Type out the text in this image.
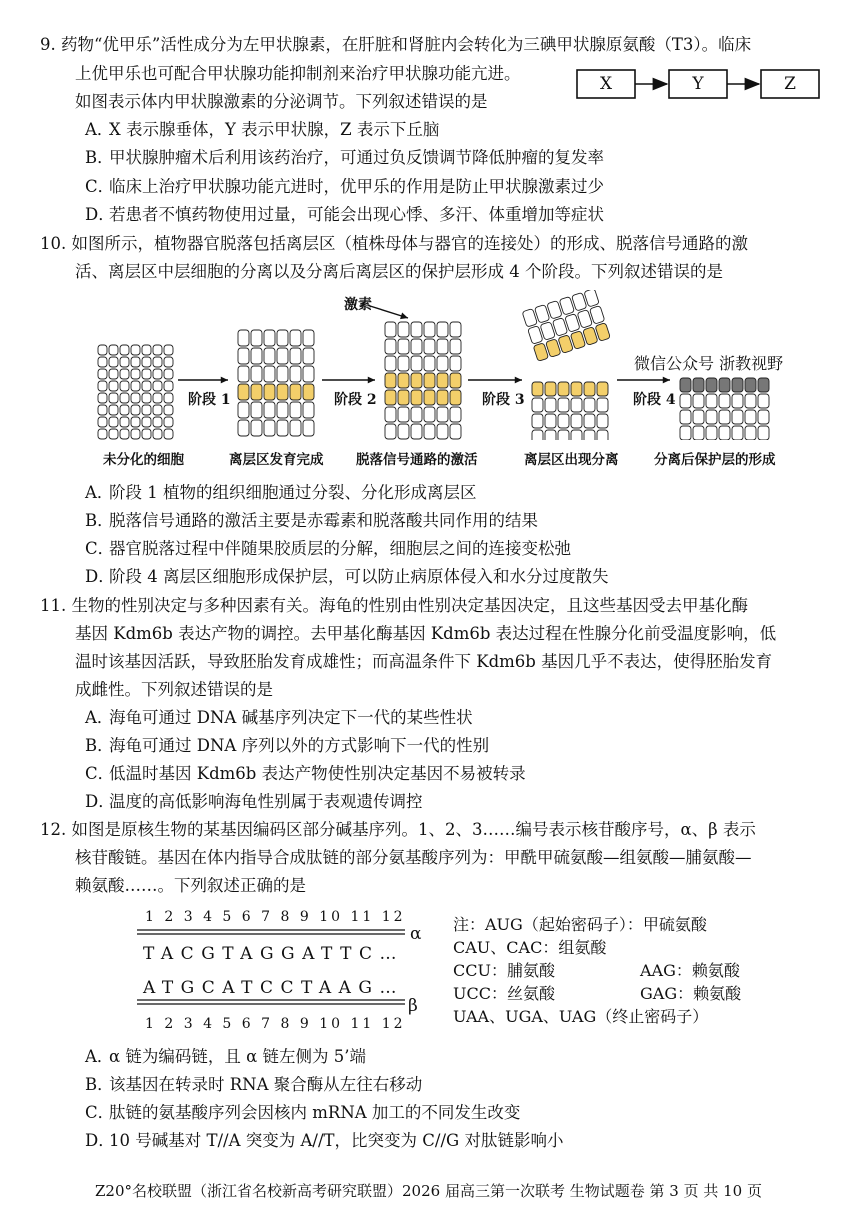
9. 药物“优甲乐”活性成分为左甲状腺素，在肝脏和肾脏内会转化为三碘甲状腺原氨酸（T3）。临床
上优甲乐也可配合甲状腺功能抑制剂来治疗甲状腺功能亢进。
如图表示体内甲状腺激素的分泌调节。下列叙述错误的是
X	Y	Z
A．X 表示腺垂体，Y 表示甲状腺，Z 表示下丘脑
B．甲状腺肿瘤术后利用该药治疗，可通过负反馈调节降低肿瘤的复发率
C．临床上治疗甲状腺功能亢进时，优甲乐的作用是防止甲状腺激素过少
D．若患者不慎药物使用过量，可能会出现心悸、多汗、体重增加等症状
10. 如图所示，植物器官脱落包括离层区（植株母体与器官的连接处）的形成、脱落信号通路的激
活、离层区中层细胞的分离以及分离后离层区的保护层形成 4 个阶段。下列叙述错误的是
激素
微信公众号 浙教视野
阶段 1	阶段 2	阶段 3	阶段 4
未分化的细胞	离层区发育完成 脱落信号通路的激活	离层区出现分离	分离后保护层的形成
A．阶段 1 植物的组织细胞通过分裂、分化形成离层区
B．脱落信号通路的激活主要是赤霉素和脱落酸共同作用的结果
C．器官脱落过程中伴随果胶质层的分解，细胞层之间的连接变松弛
D．阶段 4 离层区细胞形成保护层，可以防止病原体侵入和水分过度散失
11. 生物的性别决定与多种因素有关。海龟的性别由性别决定基因决定，且这些基因受去甲基化酶
基因 Kdm6b 表达产物的调控。去甲基化酶基因 Kdm6b 表达过程在性腺分化前受温度影响，低
温时该基因活跃，导致胚胎发育成雄性；而高温条件下 Kdm6b 基因几乎不表达，使得胚胎发育
成雌性。下列叙述错误的是
A．海龟可通过 DNA 碱基序列决定下一代的某些性状
B．海龟可通过 DNA 序列以外的方式影响下一代的性别
C．低温时基因 Kdm6b 表达产物使性别决定基因不易被转录
D．温度的高低影响海龟性别属于表观遗传调控
12. 如图是原核生物的某基因编码区部分碱基序列。1、2、3……编号表示核苷酸序号，α、β 表示
核苷酸链。基因在体内指导合成肽链的部分氨基酸序列为：甲酰甲硫氨酸—组氨酸—脯氨酸—
赖氨酸……。下列叙述正确的是
1 2 3 4 5 6 7 8 9 10 11 12
α
TACGTAGGATTC…
ATGCATCCTAAG…
β
1 2 3 4 5 6 7 8 9 10 11 12
注：AUG（起始密码子）：甲硫氨酸
CAU、CAC：组氨酸
CCU：脯氨酸	AAG：赖氨酸
UCC：丝氨酸	GAG：赖氨酸
UAA、UGA、UAG（终止密码子）
A．α 链为编码链，且 α 链左侧为 5’端
B．该基因在转录时 RNA 聚合酶从左往右移动
C．肽链的氨基酸序列会因核内 mRNA 加工的不同发生改变
D．10 号碱基对 T//A 突变为 A//T，比突变为 C//G 对肽链影响小
Z20°名校联盟（浙江省名校新高考研究联盟）2026 届高三第一次联考 生物试题卷 第 3 页 共 10 页
